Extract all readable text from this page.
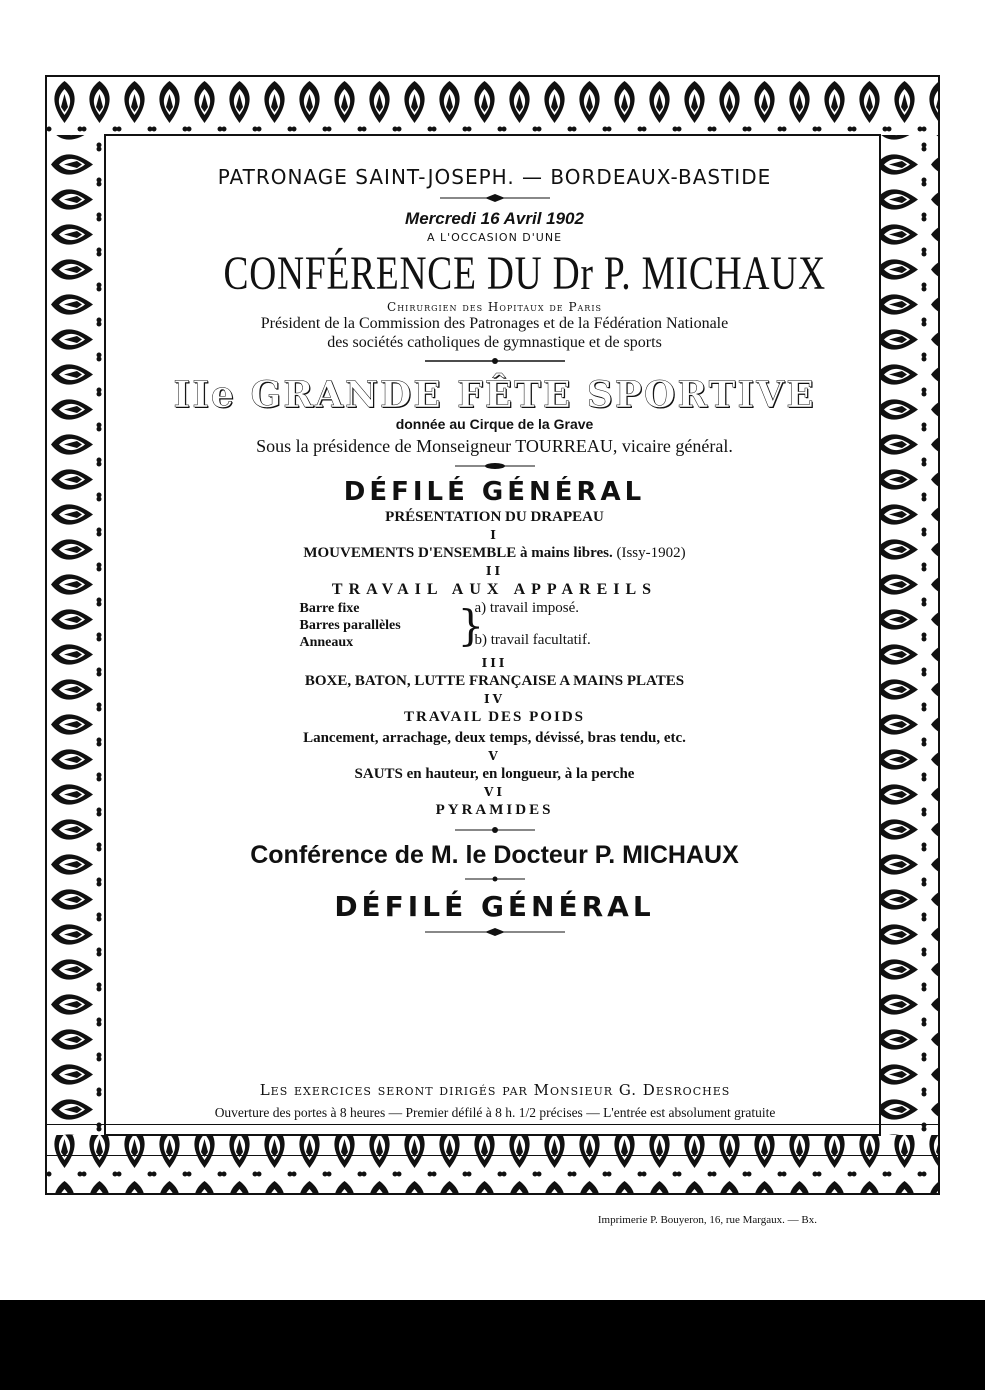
PATRONAGE SAINT-JOSEPH. — BORDEAUX-BASTIDE
Mercredi 16 Avril 1902
A L'OCCASION D'UNE
CONFÉRENCE DU Dr P. MICHAUX
Chirurgien des Hopitaux de Paris
Président de la Commission des Patronages et de la Fédération Nationale
des sociétés catholiques de gymnastique et de sports
IIe GRANDE FÊTE SPORTIVE
donnée au Cirque de la Grave
Sous la présidence de Monseigneur TOURREAU, vicaire général.
DÉFILÉ GÉNÉRAL
PRÉSENTATION DU DRAPEAU
I
MOUVEMENTS D'ENSEMBLE à mains libres. (Issy-1902)
II
TRAVAIL AUX APPAREILS
Barre fixe
Barres parallèles
Anneaux	}
a) travail imposé.
b) travail facultatif.
III
BOXE, BATON, LUTTE FRANÇAISE A MAINS PLATES
IV
TRAVAIL DES POIDS
Lancement, arrachage, deux temps, dévissé, bras tendu, etc.
V
SAUTS en hauteur, en longueur, à la perche
VI
PYRAMIDES
Conférence de M. le Docteur P. MICHAUX
DÉFILÉ GÉNÉRAL
Les exercices seront dirigés par Monsieur G. Desroches
Ouverture des portes à 8 heures — Premier défilé à 8 h. 1/2 précises — L'entrée est absolument gratuite
Imprimerie P. Bouyeron, 16, rue Margaux. — Bx.
